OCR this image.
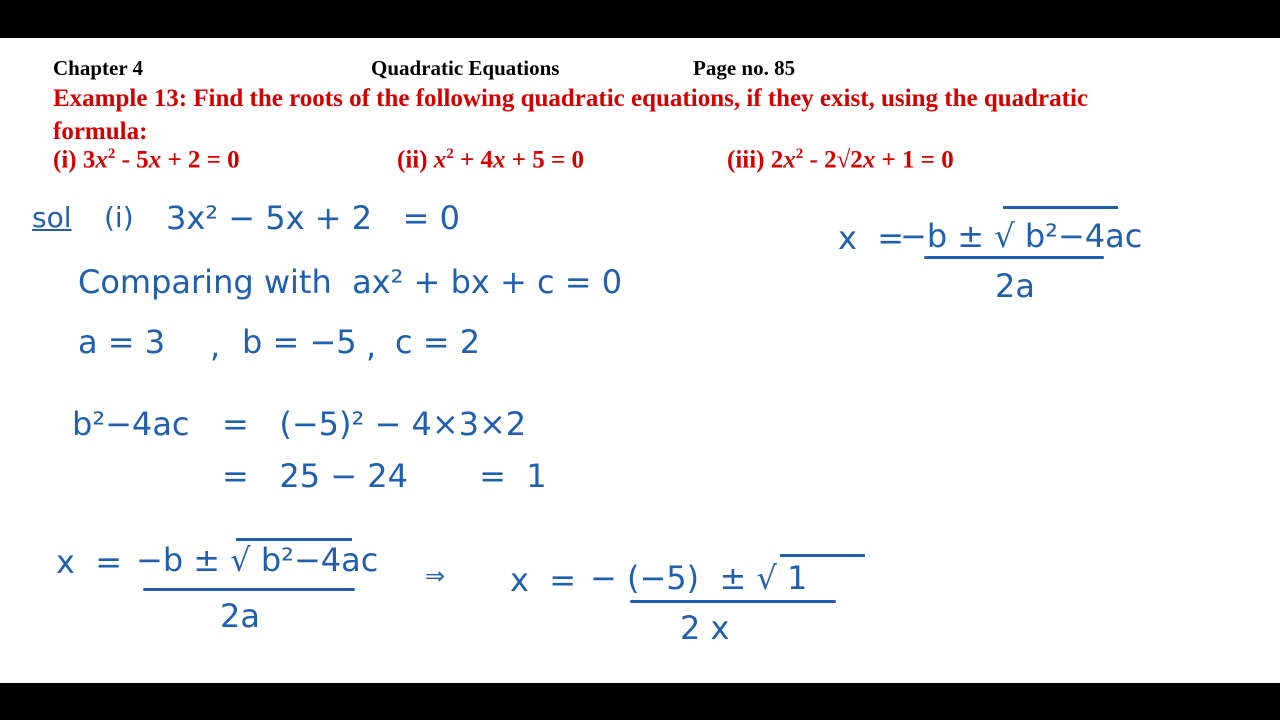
Chapter 4	Quadratic Equations	Page no. 85
Example 13: Find the roots of the following quadratic equations, if they exist, using the quadratic formula:
(i) $3x^2 - 5x + 2 = 0$	(ii) $x^2 + 4x + 5 = 0$	(iii) $2x^2 - 2√2x + 1 = 0$
sol (i) 3x² − 5x + 2   = 0
Comparing with  ax² + bx + c = 0
a = 3 , b = −5 , c = 2
b²−4ac =   (−5)² − 4×3×2
=   25 − 24       =  1
x  = −b ± √ b²−4ac
2a
⇒ x  = − (−5)  ± √ 1
2 x
x  =
−b ± √ b²−4ac
2a
